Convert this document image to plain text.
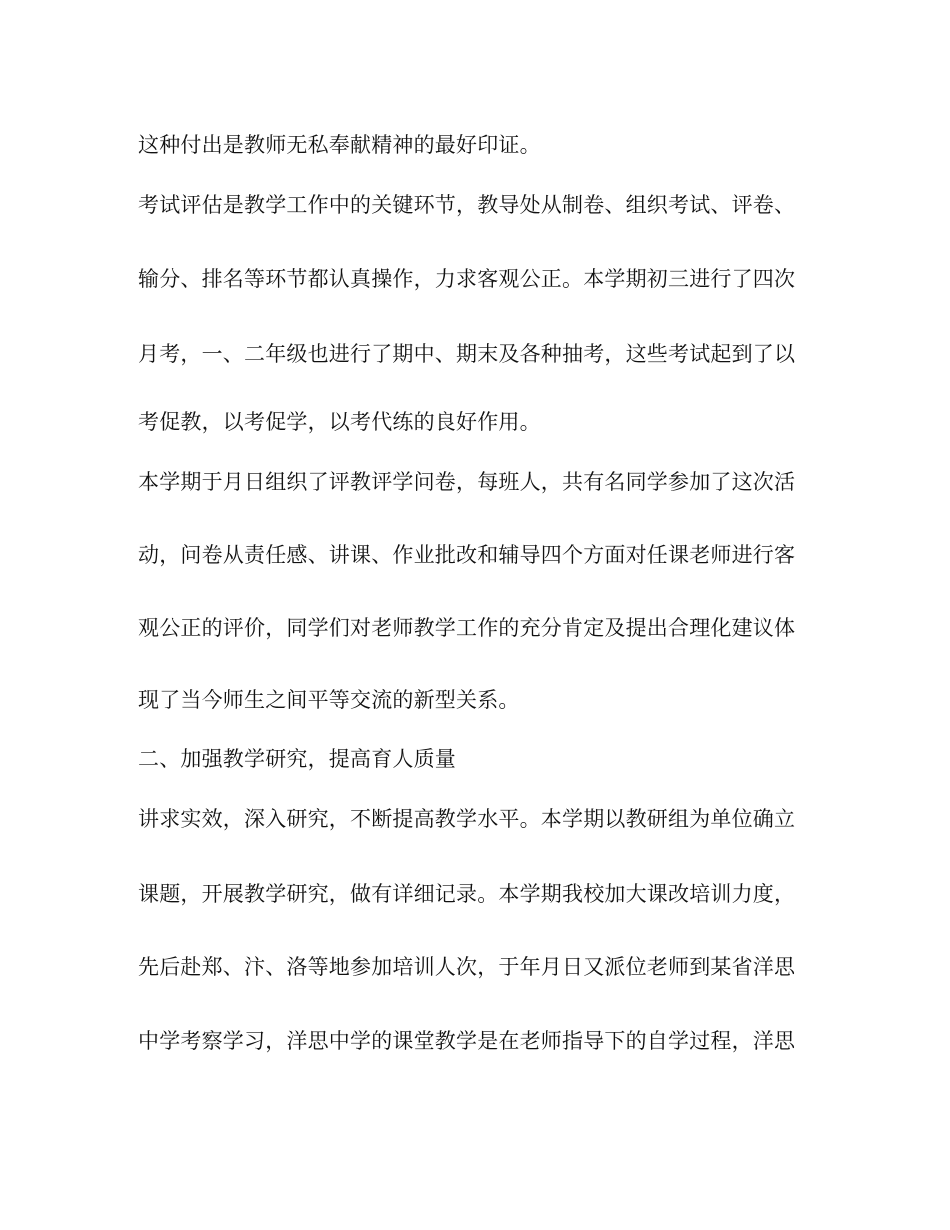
这种付出是教师无私奉献精神的最好印证。
考试评估是教学工作中的关键环节，教导处从制卷、组织考试、评卷、
输分、排名等环节都认真操作，力求客观公正。本学期初三进行了四次
月考，一、二年级也进行了期中、期末及各种抽考，这些考试起到了以
考促教，以考促学，以考代练的良好作用。
本学期于月日组织了评教评学问卷，每班人，共有名同学参加了这次活
动，问卷从责任感、讲课、作业批改和辅导四个方面对任课老师进行客
观公正的评价，同学们对老师教学工作的充分肯定及提出合理化建议体
现了当今师生之间平等交流的新型关系。
二、加强教学研究，提高育人质量
讲求实效，深入研究，不断提高教学水平。本学期以教研组为单位确立
课题，开展教学研究，做有详细记录。本学期我校加大课改培训力度，
先后赴郑、汴、洛等地参加培训人次，于年月日又派位老师到某省洋思
中学考察学习，洋思中学的课堂教学是在老师指导下的自学过程，洋思
